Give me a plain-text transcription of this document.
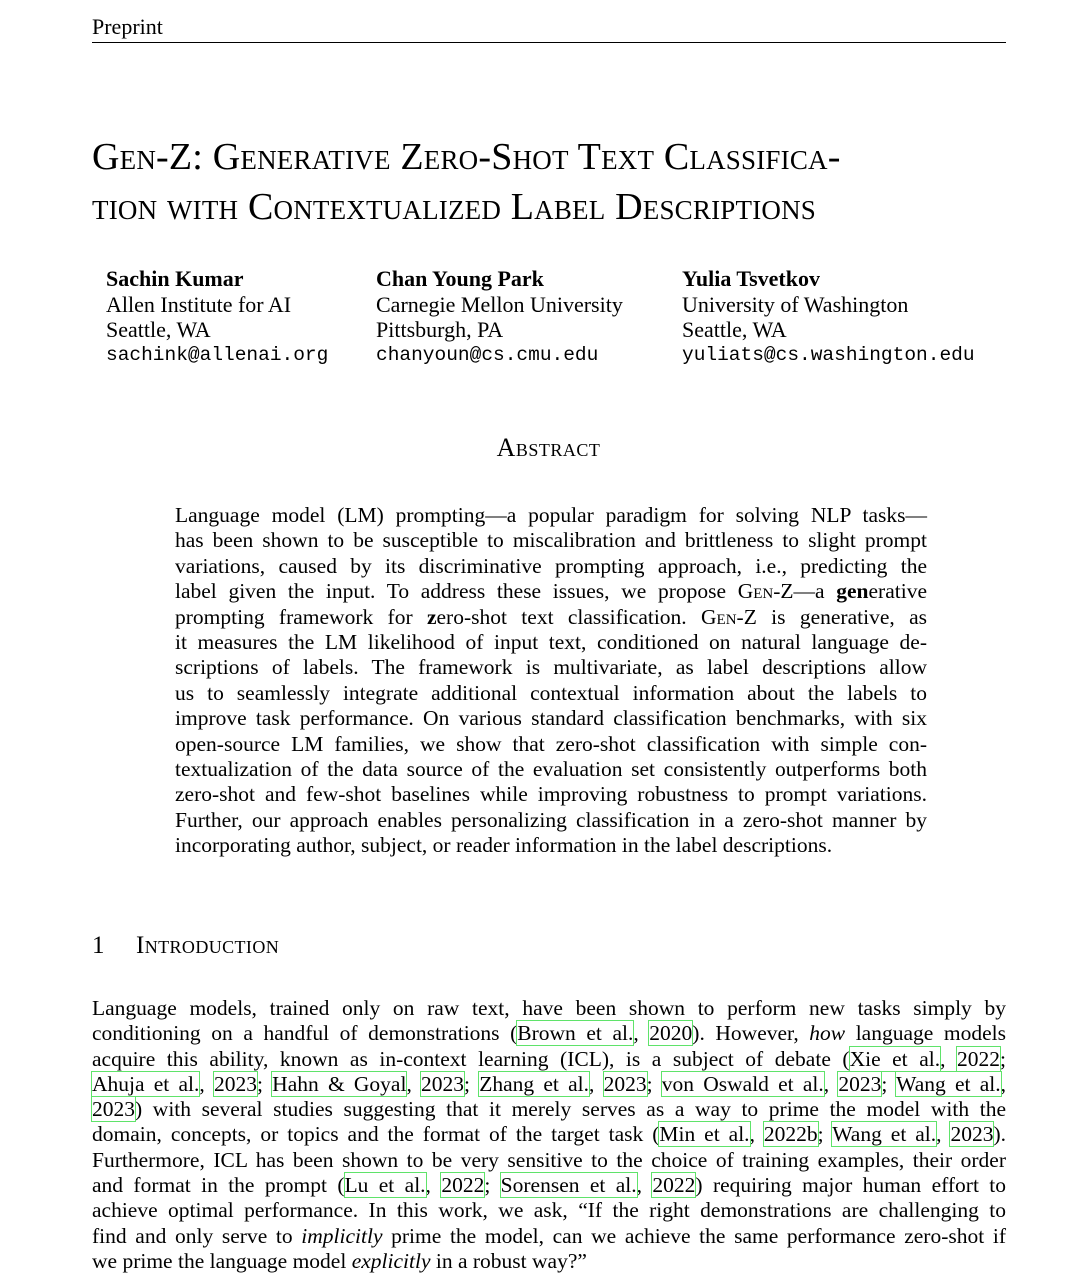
Preprint
Gen-Z: Generative Zero-Shot Text Classifica-
tion with Contextualized Label Descriptions
Sachin Kumar
Allen Institute for AI
Seattle, WA
sachink@allenai.org
Chan Young Park
Carnegie Mellon University
Pittsburgh, PA
chanyoun@cs.cmu.edu
Yulia Tsvetkov
University of Washington
Seattle, WA
yuliats@cs.washington.edu
Abstract
Language model (LM) prompting—a popular paradigm for solving NLP tasks—
has been shown to be susceptible to miscalibration and brittleness to slight prompt
variations, caused by its discriminative prompting approach, i.e., predicting the
label given the input. To address these issues, we propose Gen-Z—a generative
prompting framework for zero-shot text classification. Gen-Z is generative, as
it measures the LM likelihood of input text, conditioned on natural language de-
scriptions of labels. The framework is multivariate, as label descriptions allow
us to seamlessly integrate additional contextual information about the labels to
improve task performance. On various standard classification benchmarks, with six
open-source LM families, we show that zero-shot classification with simple con-
textualization of the data source of the evaluation set consistently outperforms both
zero-shot and few-shot baselines while improving robustness to prompt variations.
Further, our approach enables personalizing classification in a zero-shot manner by
incorporating author, subject, or reader information in the label descriptions.
1 Introduction
Language models, trained only on raw text, have been shown to perform new tasks simply by
conditioning on a handful of demonstrations (Brown et al., 2020). However, how language models
acquire this ability, known as in-context learning (ICL), is a subject of debate (Xie et al., 2022;
Ahuja et al., 2023; Hahn & Goyal, 2023; Zhang et al., 2023; von Oswald et al., 2023; Wang et al.,
2023) with several studies suggesting that it merely serves as a way to prime the model with the
domain, concepts, or topics and the format of the target task (Min et al., 2022b; Wang et al., 2023).
Furthermore, ICL has been shown to be very sensitive to the choice of training examples, their order
and format in the prompt (Lu et al., 2022; Sorensen et al., 2022) requiring major human effort to
achieve optimal performance. In this work, we ask, “If the right demonstrations are challenging to
find and only serve to implicitly prime the model, can we achieve the same performance zero-shot if
we prime the language model explicitly in a robust way?”
